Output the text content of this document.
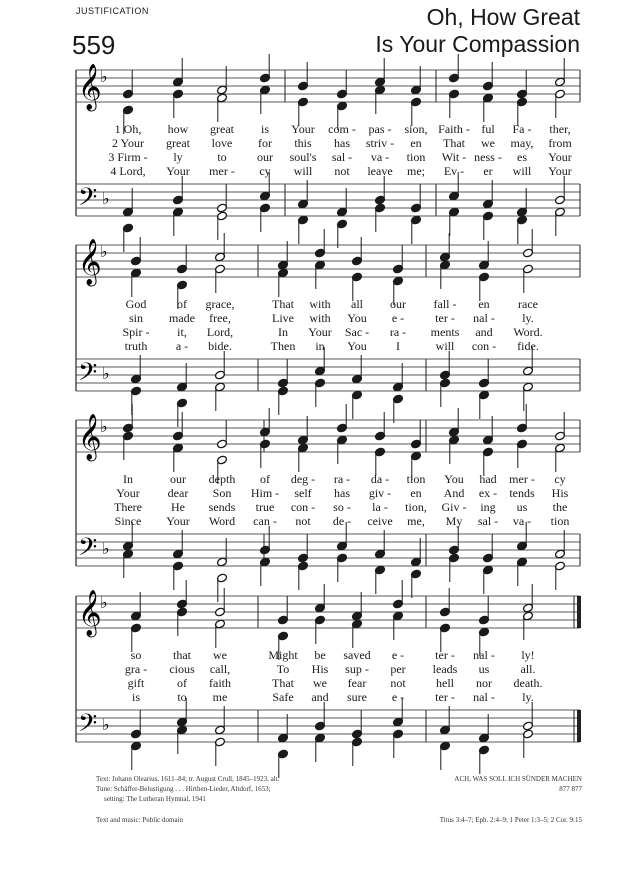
JUSTIFICATION
559
Oh, How Great
Is Your Compassion
𝄞
♭
𝄢 ♭
1 Oh, how great is Your com - pas - sion, Faith - ful Fa - ther,
2 Your great love for this has striv - en That we may, from
3 Firm - ly	to	our soul's sal - va - tion Wit - ness - es Your
4 Lord, Your mer - cy will not leave me; Ev - er will Your
𝄞
♭
𝄢 ♭
God	of grace,	That with all our fall - en race
sin made free,	Live with You e -	ter - nal - ly.
Spir - it, Lord,	In Your Sac - ra - ments and Word.
truth a - bide.	Then in You I	will con - fide.
𝄞
♭
𝄢 ♭
In	our depth of deg - ra - da - tion You had mer - cy
Your dear Son Him - self has giv - en And ex - tends His
There He sends true con - so - la - tion, Giv - ing us the
Since Your Word can - not de - ceive me, My sal - va - tion
𝄞
♭
𝄢 ♭
so	that we	Might be saved e -	ter - nal - ly!
gra - cious call,	To His sup - per leads us	all.
gift	of faith	That we fear not	hell nor death.
is	to me	Safe and sure e -	ter - nal - ly.
Text: Johann Olearius, 1611–84; tr. August Crull, 1845–1923, alt.
Tune: Schäffer-Belustigung . . . Hirthen-Lieder, Altdorf, 1653;
setting: The Lutheran Hymnal, 1941
ACH, WAS SOLL ICH SÜNDER MACHEN
877 877
Text and music: Public domain	Titus 3:4–7; Eph. 2:4–9; 1 Peter 1:3–5; 2 Cor. 9:15
